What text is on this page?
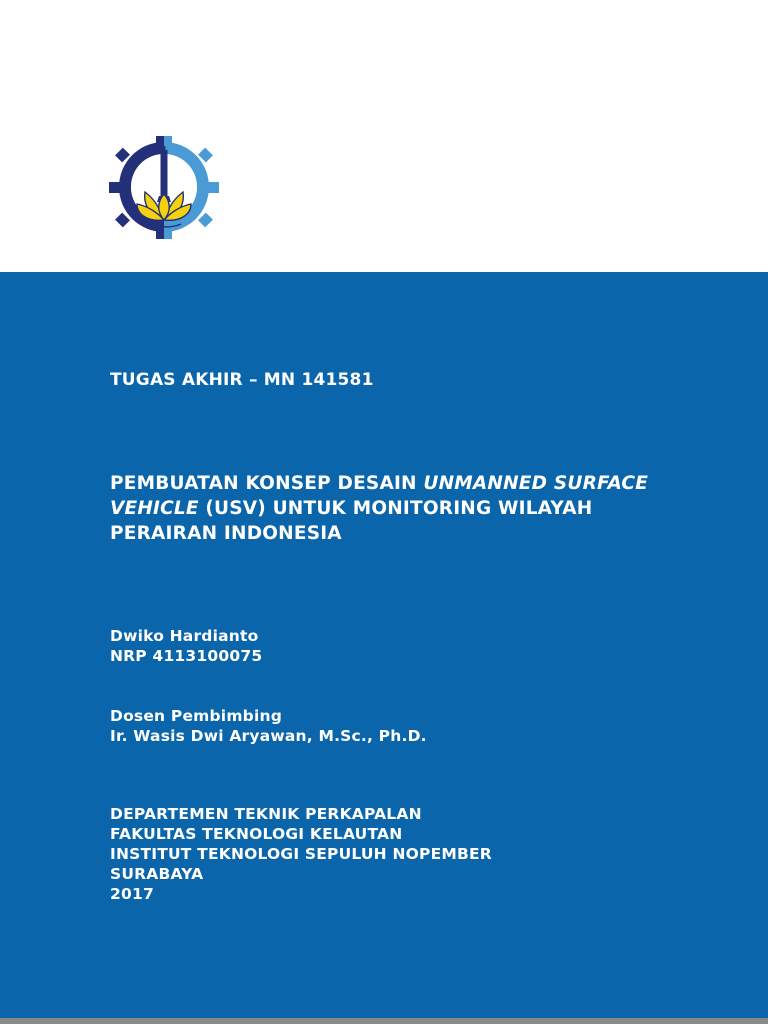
TUGAS AKHIR – MN 141581

PEMBUATAN KONSEP DESAIN UNMANNED SURFACE
VEHICLE (USV) UNTUK MONITORING WILAYAH
PERAIRAN INDONESIA
Dwiko Hardianto
NRP 4113100075
Dosen Pembimbing
Ir. Wasis Dwi Aryawan, M.Sc., Ph.D.
DEPARTEMEN TEKNIK PERKAPALAN
FAKULTAS TEKNOLOGI KELAUTAN
INSTITUT TEKNOLOGI SEPULUH NOPEMBER
SURABAYA
2017
